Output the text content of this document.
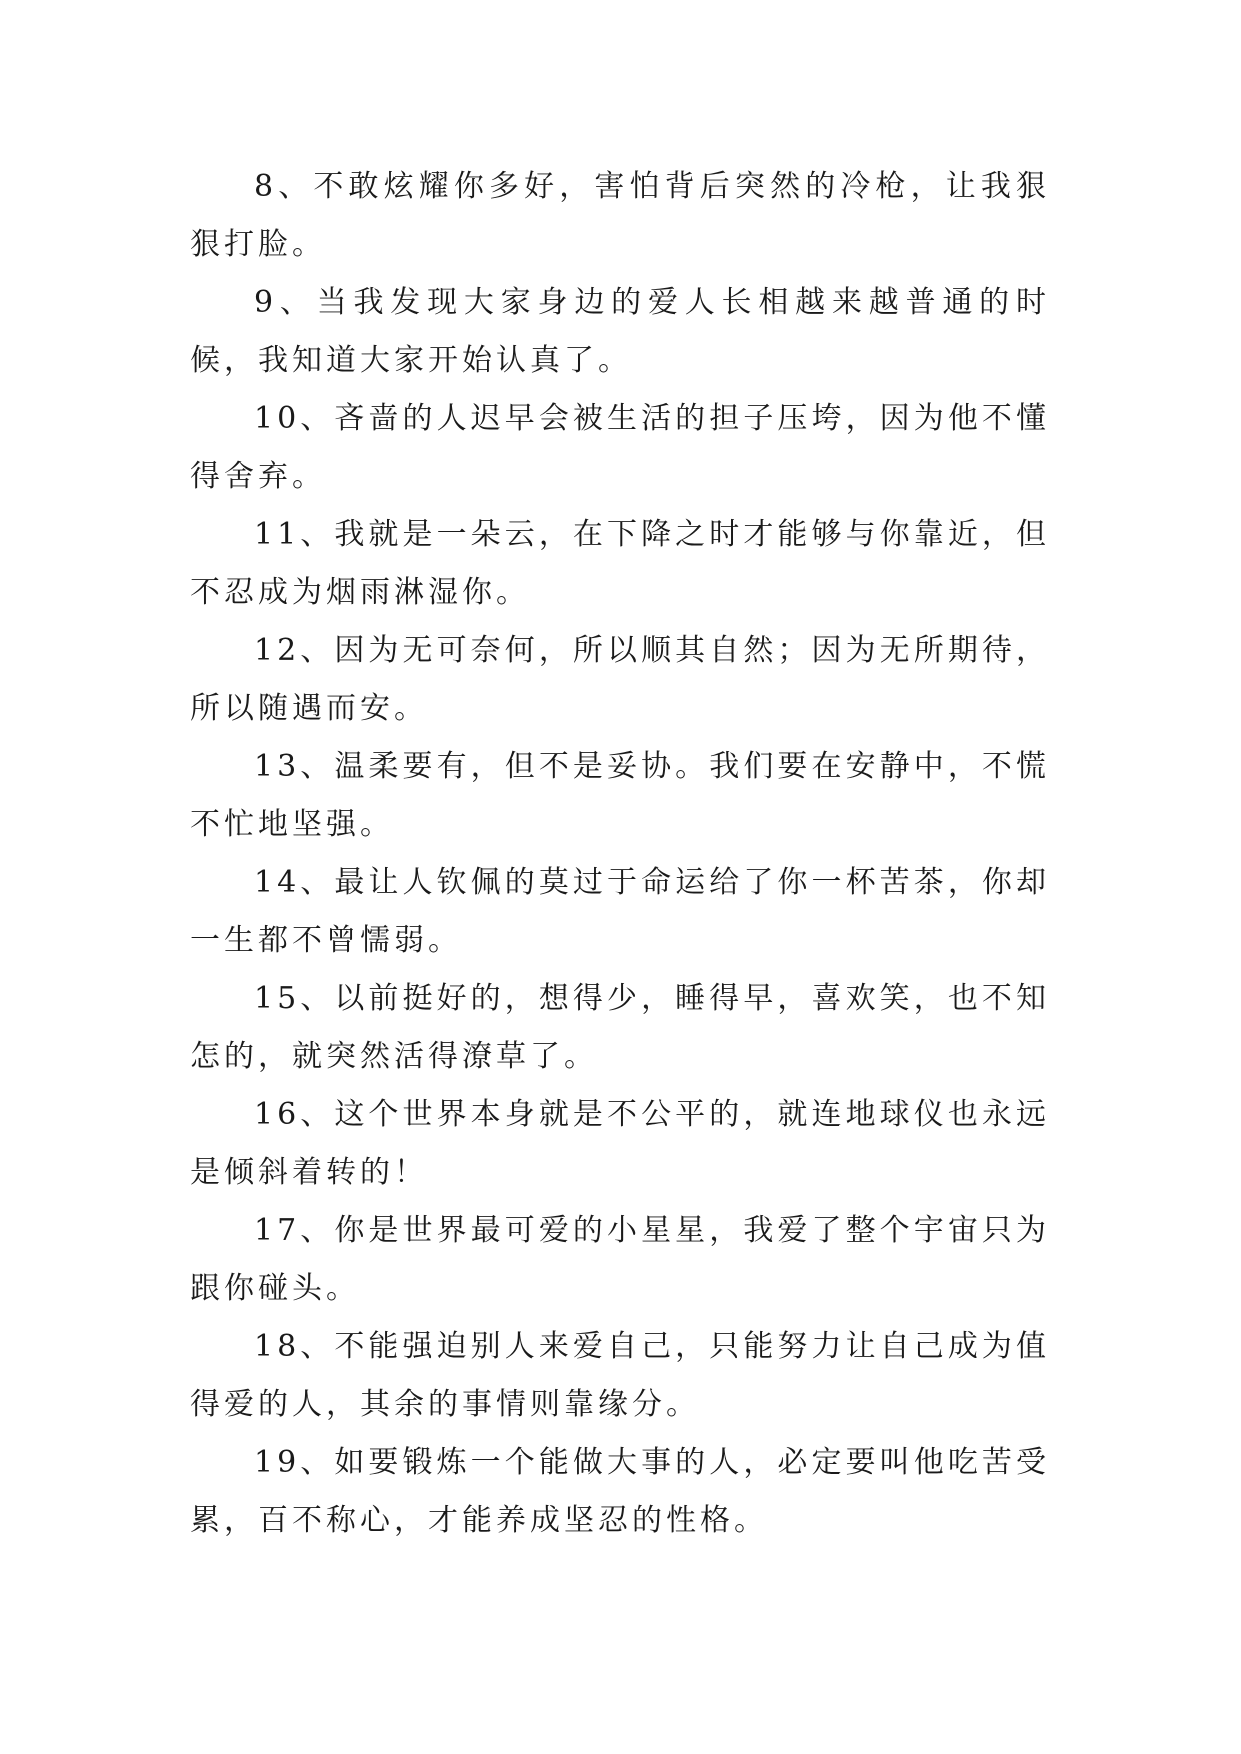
8、不敢炫耀你多好，害怕背后突然的冷枪，让我狠狠打脸。

9、当我发现大家身边的爱人长相越来越普通的时候，我知道大家开始认真了。

10、吝啬的人迟早会被生活的担子压垮，因为他不懂得舍弃。

11、我就是一朵云，在下降之时才能够与你靠近，但不忍成为烟雨淋湿你。

12、因为无可奈何，所以顺其自然；因为无所期待，所以随遇而安。

13、温柔要有，但不是妥协。我们要在安静中，不慌不忙地坚强。

14、最让人钦佩的莫过于命运给了你一杯苦茶，你却一生都不曾懦弱。

15、以前挺好的，想得少，睡得早，喜欢笑，也不知怎的，就突然活得潦草了。

16、这个世界本身就是不公平的，就连地球仪也永远是倾斜着转的！

17、你是世界最可爱的小星星，我爱了整个宇宙只为跟你碰头。

18、不能强迫别人来爱自己，只能努力让自己成为值得爱的人，其余的事情则靠缘分。

19、如要锻炼一个能做大事的人，必定要叫他吃苦受累，百不称心，才能养成坚忍的性格。
